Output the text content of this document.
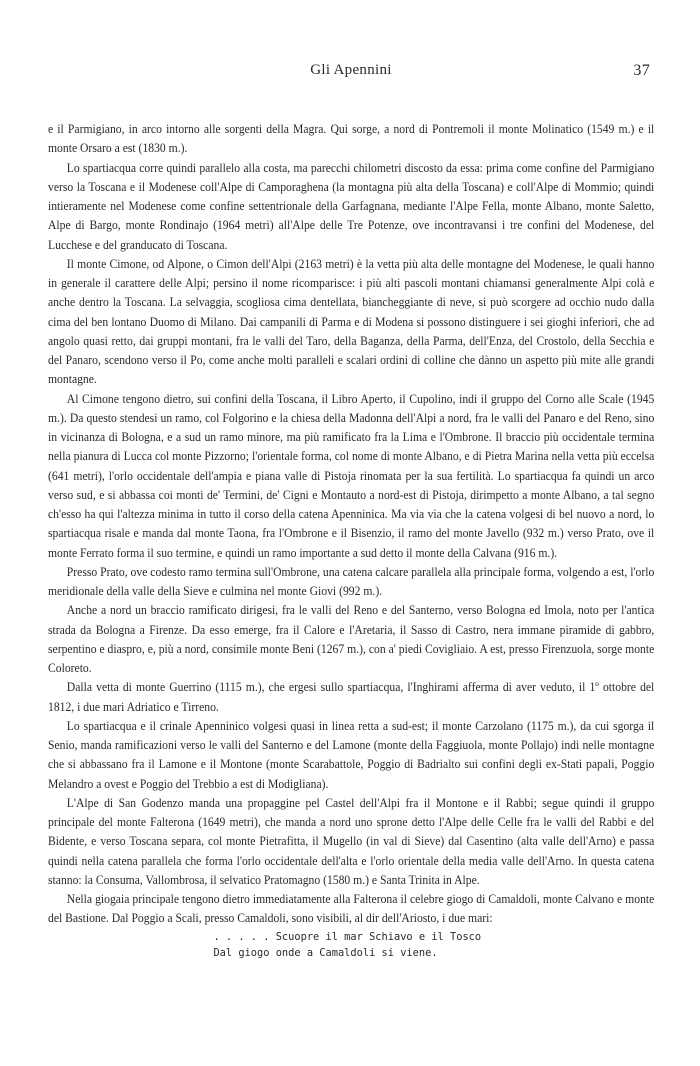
Gli Apennini	37

e il Parmigiano, in arco intorno alle sorgenti della Magra. Qui sorge, a nord di Pontremoli il monte Molinatico (1549 m.) e il monte Orsaro a est (1830 m.).

Lo spartiacqua corre quindi parallelo alla costa, ma parecchi chilometri discosto da essa: prima come confine del Parmigiano verso la Toscana e il Modenese coll'Alpe di Camporaghena (la montagna più alta della Toscana) e coll'Alpe di Mommio; quindi intieramente nel Modenese come confine settentrionale della Garfagnana, mediante l'Alpe Fella, monte Albano, monte Saletto, Alpe di Bargo, monte Rondinajo (1964 metri) all'Alpe delle Tre Potenze, ove incontravansi i tre confini del Modenese, del Lucchese e del granducato di Toscana.

Il monte Cimone, od Alpone, o Cimon dell'Alpi (2163 metri) è la vetta più alta delle montagne del Modenese, le quali hanno in generale il carattere delle Alpi; persino il nome ricomparisce: i più alti pascoli montani chiamansi generalmente Alpi colà e anche dentro la Toscana. La selvaggia, scogliosa cima dentellata, biancheggiante di neve, si può scorgere ad occhio nudo dalla cima del ben lontano Duomo di Milano. Dai campanili di Parma e di Modena si possono distinguere i sei gioghi inferiori, che ad angolo quasi retto, dai gruppi montani, fra le valli del Taro, della Baganza, della Parma, dell'Enza, del Crostolo, della Secchia e del Panaro, scendono verso il Po, come anche molti paralleli e scalari ordini di colline che dànno un aspetto più mite alle grandi montagne.

Al Cimone tengono dietro, sui confini della Toscana, il Libro Aperto, il Cupolino, indi il gruppo del Corno alle Scale (1945 m.). Da questo stendesi un ramo, col Folgorino e la chiesa della Madonna dell'Alpi a nord, fra le valli del Panaro e del Reno, sino in vicinanza di Bologna, e a sud un ramo minore, ma più ramificato fra la Lima e l'Ombrone. Il braccio più occidentale termina nella pianura di Lucca col monte Pizzorno; l'orientale forma, col nome di monte Albano, e di Pietra Marina nella vetta più eccelsa (641 metri), l'orlo occidentale dell'ampia e piana valle di Pistoja rinomata per la sua fertilità. Lo spartiacqua fa quindi un arco verso sud, e si abbassa coi monti de' Termini, de' Cigni e Montauto a nord-est di Pistoja, dirimpetto a monte Albano, a tal segno ch'esso ha qui l'altezza minima in tutto il corso della catena Apenninica. Ma via via che la catena volgesi di bel nuovo a nord, lo spartiacqua risale e manda dal monte Taona, fra l'Ombrone e il Bisenzio, il ramo del monte Javello (932 m.) verso Prato, ove il monte Ferrato forma il suo termine, e quindi un ramo importante a sud detto il monte della Calvana (916 m.).

Presso Prato, ove codesto ramo termina sull'Ombrone, una catena calcare parallela alla principale forma, volgendo a est, l'orlo meridionale della valle della Sieve e culmina nel monte Giovi (992 m.).

Anche a nord un braccio ramificato dirigesi, fra le valli del Reno e del Santerno, verso Bologna ed Imola, noto per l'antica strada da Bologna a Firenze. Da esso emerge, fra il Calore e l'Aretaria, il Sasso di Castro, nera immane piramide di gabbro, serpentino e diaspro, e, più a nord, consimile monte Beni (1267 m.), con a' piedi Covigliaio. A est, presso Firenzuola, sorge monte Coloreto.

Dalla vetta di monte Guerrino (1115 m.), che ergesi sullo spartiacqua, l'Inghirami afferma di aver veduto, il 1º ottobre del 1812, i due mari Adriatico e Tirreno.

Lo spartiacqua e il crinale Apenninico volgesi quasi in linea retta a sud-est; il monte Carzolano (1175 m.), da cui sgorga il Senio, manda ramificazioni verso le valli del Santerno e del Lamone (monte della Faggiuola, monte Pollajo) indi nelle montagne che si abbassano fra il Lamone e il Montone (monte Scarabattole, Poggio di Badrialto sui confini degli ex-Stati papali, Poggio Melandro a ovest e Poggio del Trebbio a est di Modigliana).

L'Alpe di San Godenzo manda una propaggine pel Castel dell'Alpi fra il Montone e il Rabbi; segue quindi il gruppo principale del monte Falterona (1649 metri), che manda a nord uno sprone detto l'Alpe delle Celle fra le valli del Rabbi e del Bidente, e verso Toscana separa, col monte Pietrafitta, il Mugello (in val di Sieve) dal Casentino (alta valle dell'Arno) e passa quindi nella catena parallela che forma l'orlo occidentale dell'alta e l'orlo orientale della media valle dell'Arno. In questa catena stanno: la Consuma, Vallombrosa, il selvatico Pratomagno (1580 m.) e Santa Trinita in Alpe.

Nella giogaia principale tengono dietro immediatamente alla Falterona il celebre giogo di Camaldoli, monte Calvano e monte del Bastione. Dal Poggio a Scali, presso Camaldoli, sono visibili, al dir dell'Ariosto, i due mari:

. . . . . Scuopre il mar Schiavo e il Tosco
Dal giogo onde a Camaldoli si viene.
